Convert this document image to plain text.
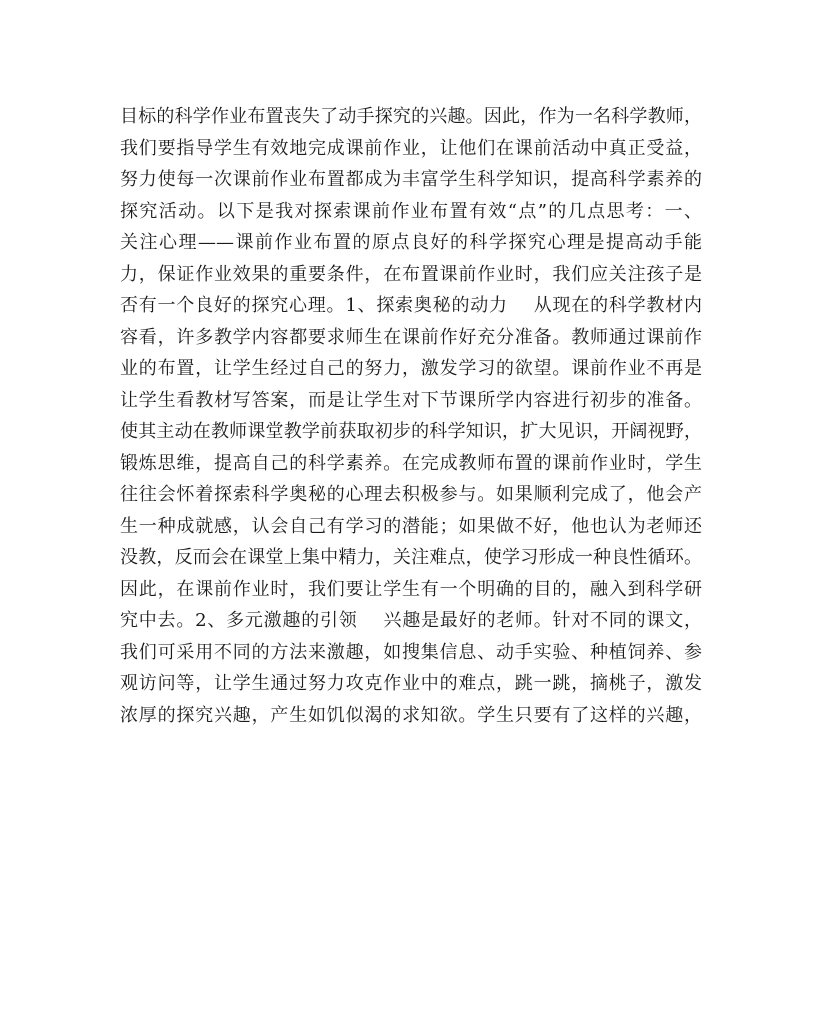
目标的科学作业布置丧失了动手探究的兴趣。因此，作为一名科学教师，
我们要指导学生有效地完成课前作业，让他们在课前活动中真正受益，
努力使每一次课前作业布置都成为丰富学生科学知识，提高科学素养的
探究活动。以下是我对探索课前作业布置有效“点”的几点思考：一、
关注心理——课前作业布置的原点良好的科学探究心理是提高动手能
力，保证作业效果的重要条件，在布置课前作业时，我们应关注孩子是
否有一个良好的探究心理。1、探索奥秘的动力    从现在的科学教材内
容看，许多教学内容都要求师生在课前作好充分准备。教师通过课前作
业的布置，让学生经过自己的努力，激发学习的欲望。课前作业不再是
让学生看教材写答案，而是让学生对下节课所学内容进行初步的准备。
使其主动在教师课堂教学前获取初步的科学知识，扩大见识，开阔视野，
锻炼思维，提高自己的科学素养。在完成教师布置的课前作业时，学生
往往会怀着探索科学奥秘的心理去积极参与。如果顺利完成了，他会产
生一种成就感，认会自己有学习的潜能；如果做不好，他也认为老师还
没教，反而会在课堂上集中精力，关注难点，使学习形成一种良性循环。
因此，在课前作业时，我们要让学生有一个明确的目的，融入到科学研
究中去。2、多元激趣的引领    兴趣是最好的老师。针对不同的课文，
我们可采用不同的方法来激趣，如搜集信息、动手实验、种植饲养、参
观访问等，让学生通过努力攻克作业中的难点，跳一跳，摘桃子，激发
浓厚的探究兴趣，产生如饥似渴的求知欲。学生只要有了这样的兴趣，
